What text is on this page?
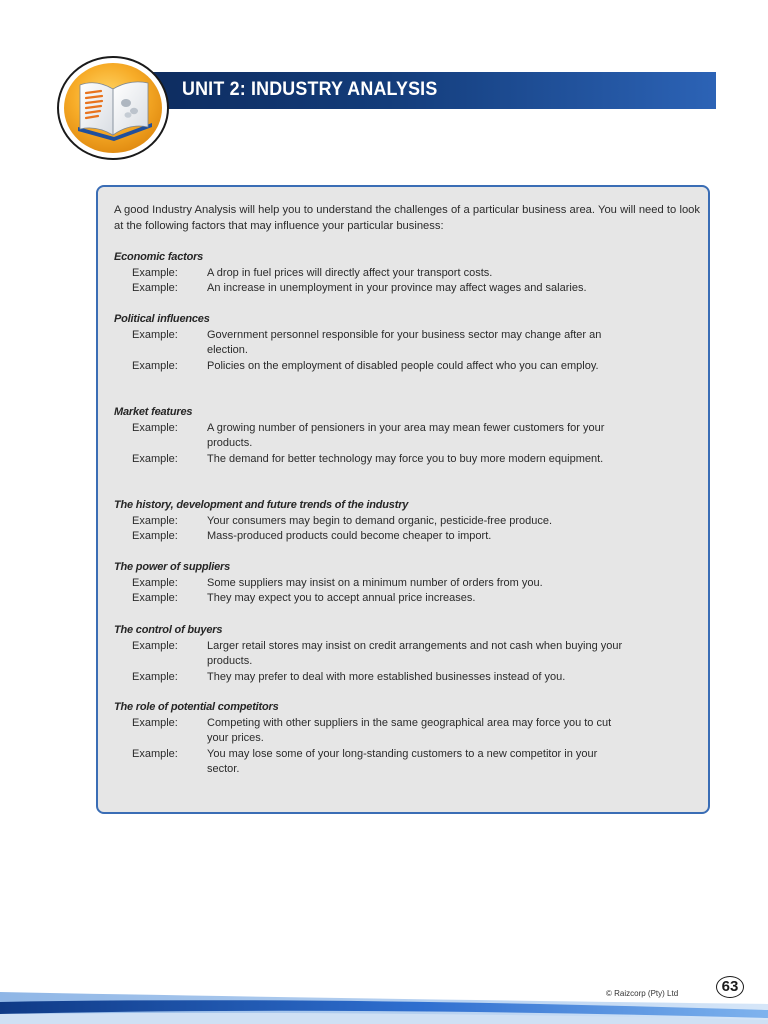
UNIT 2: INDUSTRY ANALYSIS

A good Industry Analysis will help you to understand the challenges of a particular business area. You will need to look at the following factors that may influence your particular business:

Economic factors

Example:	A drop in fuel prices will directly affect your transport costs.
Example:	An increase in unemployment in your province may affect wages and salaries.

Political influences

Example:	Government personnel responsible for your business sector may change after an election.
Example:	Policies on the employment of disabled people could affect who you can employ.

Market features

Example:	A growing number of pensioners in your area may mean fewer customers for your products.
Example:	The demand for better technology may force you to buy more modern equipment.

The history, development and future trends of the industry

Example:	Your consumers may begin to demand organic, pesticide-free produce.
Example:	Mass-produced products could become cheaper to import.

The power of suppliers

Example:	Some suppliers may insist on a minimum number of orders from you.
Example:	They may expect you to accept annual price increases.

The control of buyers

Example:	Larger retail stores may insist on credit arrangements and not cash when buying your products.
Example:	They may prefer to deal with more established businesses instead of you.

The role of potential competitors

Example:	Competing with other suppliers in the same geographical area may force you to cut your prices.
Example:	You may lose some of your long-standing customers to a new competitor in your sector.
© Raizcorp (Pty) Ltd	63
